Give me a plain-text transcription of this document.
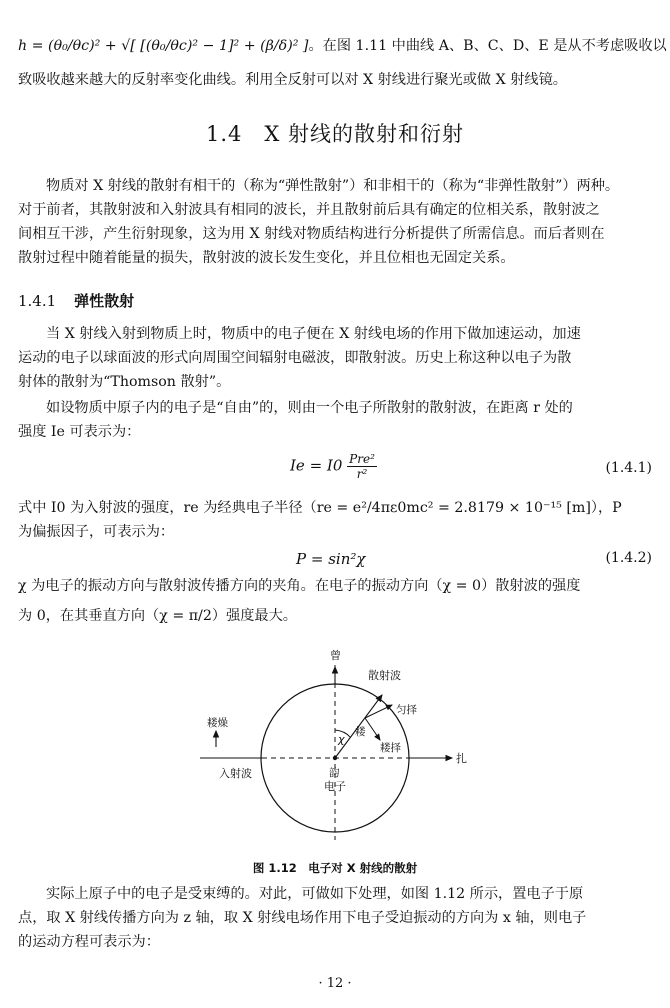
h = (θ₀/θc)² + √[ [(θ₀/θc)² − 1]² + (β/δ)² ]。在图 1.11 中曲线 A、B、C、D、E 是从不考虑吸收以
致吸收越来越大的反射率变化曲线。利用全反射可以对 X 射线进行聚光或做 X 射线镜。
1.4　X 射线的散射和衍射
物质对 X 射线的散射有相干的（称为“弹性散射”）和非相干的（称为“非弹性散射”）两种。
对于前者，其散射波和入射波具有相同的波长，并且散射前后具有确定的位相关系，散射波之
间相互干涉，产生衍射现象，这为用 X 射线对物质结构进行分析提供了所需信息。而后者则在
散射过程中随着能量的损失，散射波的波长发生变化，并且位相也无固定关系。
1.4.1 弹性散射
当 X 射线入射到物质上时，物质中的电子便在 X 射线电场的作用下做加速运动，加速
运动的电子以球面波的形式向周围空间辐射电磁波，即散射波。历史上称这种以电子为散
射体的散射为“Thomson 散射”。
如设物质中原子内的电子是“自由”的，则由一个电子所散射的散射波，在距离 r 处的
强度 Ie 可表示为：
$Ie = I0 \frac{\text{Pre²}}{\text{r²}}$	(1.4.1)
式中 I0 为入射波的强度，re 为经典电子半径（re = e²/4πε0mc² = 2.8179 × 10⁻¹⁵ [m]），P
为偏振因子，可表示为：
P = sin²χ	(1.4.2)
χ 为电子的振动方向与散射波传播方向的夹角。在电子的振动方向（χ = 0）散射波的强度
为 0，在其垂直方向（χ = π/2）强度最大。
曾
散射波
匀择
耧
耧择
耧燥
χ
韵
电子
入射波
扎
图 1.12　电子对 X 射线的散射
实际上原子中的电子是受束缚的。对此，可做如下处理，如图 1.12 所示，置电子于原
点，取 X 射线传播方向为 z 轴，取 X 射线电场作用下电子受迫振动的方向为 x 轴，则电子
的运动方程可表示为：
· 12 ·
